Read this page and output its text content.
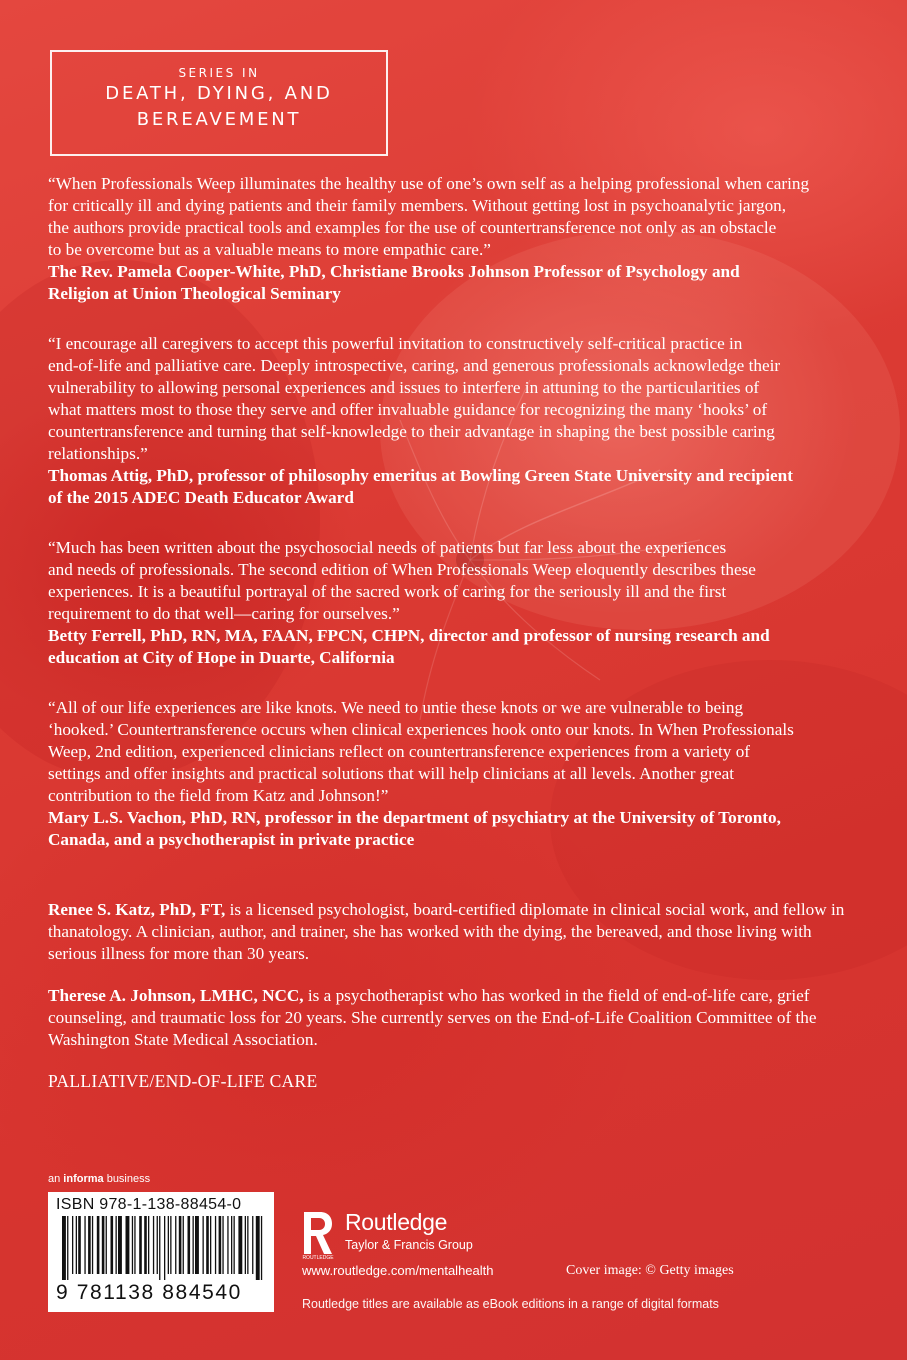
SERIES IN
DEATH, DYING, AND
BEREAVEMENT

“When Professionals Weep illuminates the healthy use of one’s own self as a helping professional when caring

for critically ill and dying patients and their family members. Without getting lost in psychoanalytic jargon,

the authors provide practical tools and examples for the use of countertransference not only as an obstacle

to be overcome but as a valuable means to more empathic care.”

The Rev. Pamela Cooper-White, PhD, Christiane Brooks Johnson Professor of Psychology and

Religion at Union Theological Seminary

“I encourage all caregivers to accept this powerful invitation to constructively self-critical practice in

end-of-life and palliative care. Deeply introspective, caring, and generous professionals acknowledge their

vulnerability to allowing personal experiences and issues to interfere in attuning to the particularities of

what matters most to those they serve and offer invaluable guidance for recognizing the many ‘hooks’ of

countertransference and turning that self-knowledge to their advantage in shaping the best possible caring

relationships.”

Thomas Attig, PhD, professor of philosophy emeritus at Bowling Green State University and recipient

of the 2015 ADEC Death Educator Award

“Much has been written about the psychosocial needs of patients but far less about the experiences

and needs of professionals. The second edition of When Professionals Weep eloquently describes these

experiences. It is a beautiful portrayal of the sacred work of caring for the seriously ill and the first

requirement to do that well—caring for ourselves.”

Betty Ferrell, PhD, RN, MA, FAAN, FPCN, CHPN, director and professor of nursing research and

education at City of Hope in Duarte, California

“All of our life experiences are like knots. We need to untie these knots or we are vulnerable to being

‘hooked.’ Countertransference occurs when clinical experiences hook onto our knots. In When Professionals

Weep, 2nd edition, experienced clinicians reflect on countertransference experiences from a variety of

settings and offer insights and practical solutions that will help clinicians at all levels. Another great

contribution to the field from Katz and Johnson!”

Mary L.S. Vachon, PhD, RN, professor in the department of psychiatry at the University of Toronto,

Canada, and a psychotherapist in private practice

Renee S. Katz, PhD, FT, is a licensed psychologist, board-certified diplomate in clinical social work, and fellow in thanatology. A clinician, author, and trainer, she has worked with the dying, the bereaved, and those living with serious illness for more than 30 years.

Therese A. Johnson, LMHC, NCC, is a psychotherapist who has worked in the field of end-of-life care, grief counseling, and traumatic loss for 20 years. She currently serves on the End-of-Life Coalition Committee of the Washington State Medical Association.

PALLIATIVE/END-OF-LIFE CARE
an informa business
ISBN 978-1-138-88454-0
9 781138 884540
ROUTLEDGE
Routledge
Taylor & Francis Group
www.routledge.com/mentalhealth	Cover image: © Getty images
Routledge titles are available as eBook editions in a range of digital formats
